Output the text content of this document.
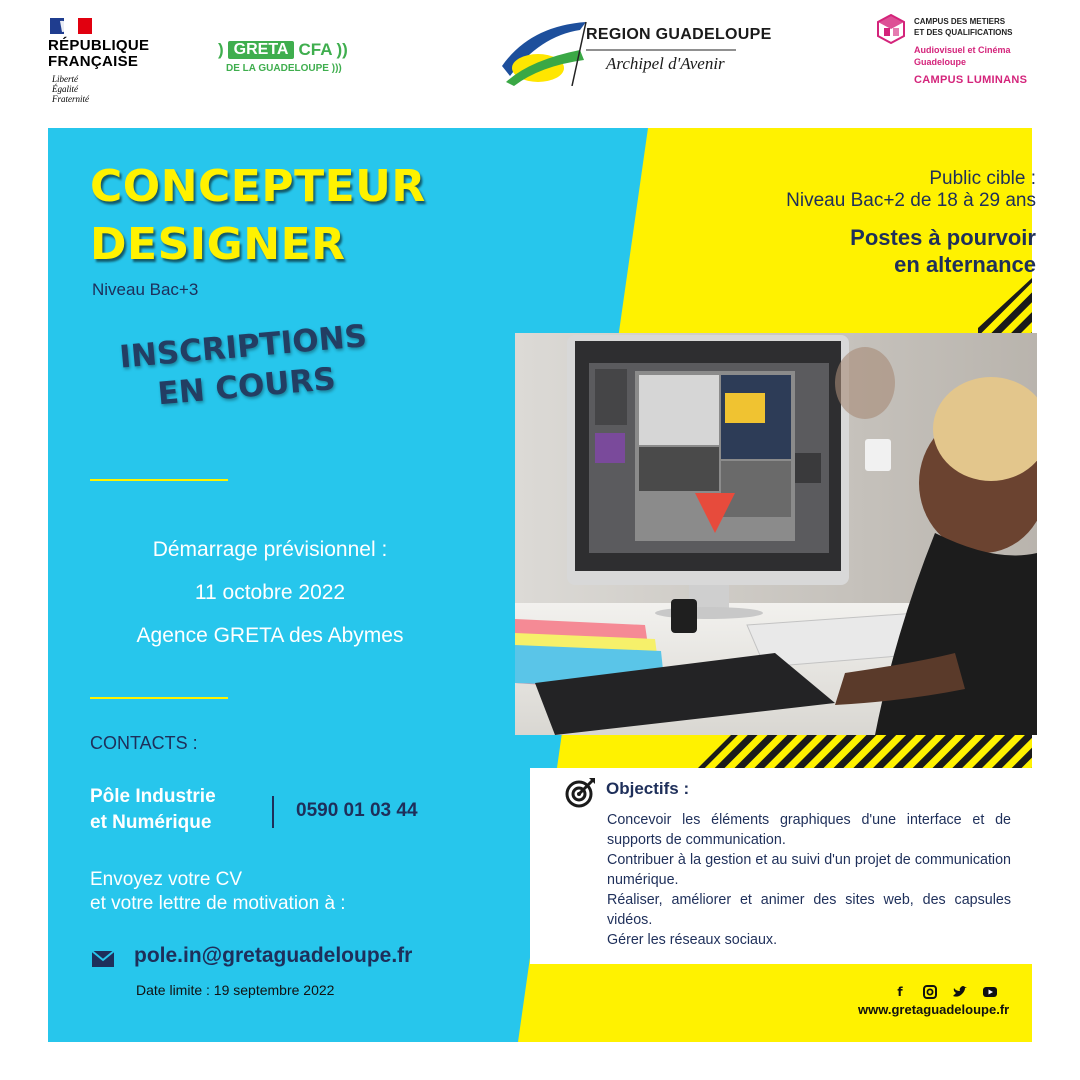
RÉPUBLIQUE
FRANÇAISE
Liberté
Égalité
Fraternité
) GRETA CFA ))
DE LA GUADELOUPE )))
REGION GUADELOUPE
Archipel d'Avenir
CAMPUS DES METIERS
ET DES QUALIFICATIONS
Audiovisuel et Cinéma
Guadeloupe
CAMPUS LUMINANS
CONCEPTEUR
DESIGNER
Niveau Bac+3
INSCRIPTIONS
EN COURS
Démarrage prévisionnel :
11 octobre 2022
Agence GRETA des Abymes
CONTACTS :
Pôle Industrie
et Numérique
0590 01 03 44
Envoyez votre CV
et votre lettre de motivation à :
pole.in@gretaguadeloupe.fr
Date limite : 19 septembre 2022
Public cible :
Niveau Bac+2 de 18 à 29 ans
Postes à pourvoir
en alternance
Objectifs :
Concevoir les éléments graphiques d'une interface et de supports de communication.
Contribuer à la gestion et au suivi d'un projet de communication numérique.
Réaliser, améliorer et animer des sites web, des capsules vidéos.
Gérer les réseaux sociaux.
f
www.gretaguadeloupe.fr
